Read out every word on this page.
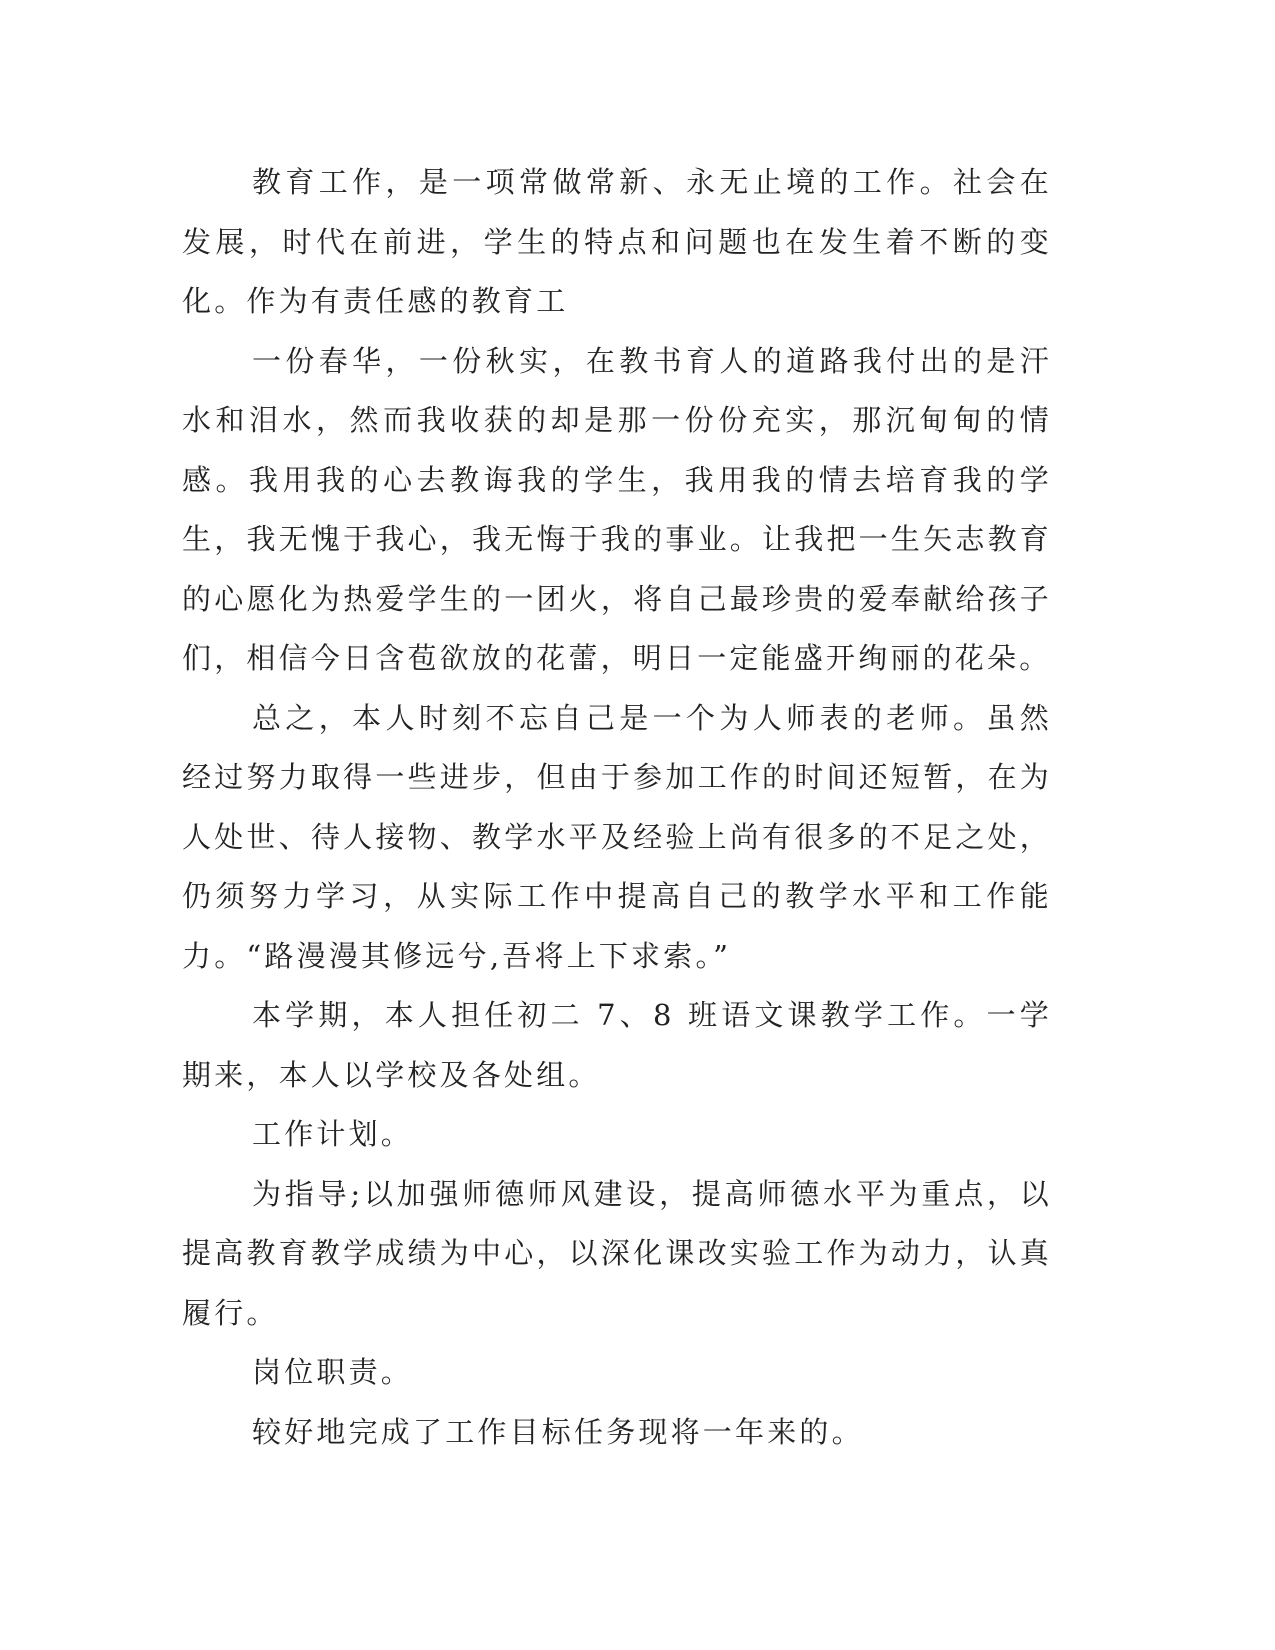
教育工作，是一项常做常新、永无止境的工作。社会在发展，时代在前进，学生的特点和问题也在发生着不断的变化。作为有责任感的教育工

一份春华，一份秋实，在教书育人的道路我付出的是汗水和泪水，然而我收获的却是那一份份充实，那沉甸甸的情感。我用我的心去教诲我的学生，我用我的情去培育我的学生，我无愧于我心，我无悔于我的事业。让我把一生矢志教育的心愿化为热爱学生的一团火，将自己最珍贵的爱奉献给孩子们，相信今日含苞欲放的花蕾，明日一定能盛开绚丽的花朵。

总之，本人时刻不忘自己是一个为人师表的老师。虽然经过努力取得一些进步，但由于参加工作的时间还短暂，在为人处世、待人接物、教学水平及经验上尚有很多的不足之处，仍须努力学习，从实际工作中提高自己的教学水平和工作能力。“路漫漫其修远兮,吾将上下求索。”

本学期，本人担任初二 7、8 班语文课教学工作。一学期来，本人以学校及各处组。

工作计划。

为指导;以加强师德师风建设，提高师德水平为重点，以提高教育教学成绩为中心，以深化课改实验工作为动力，认真履行。

岗位职责。

较好地完成了工作目标任务现将一年来的。
